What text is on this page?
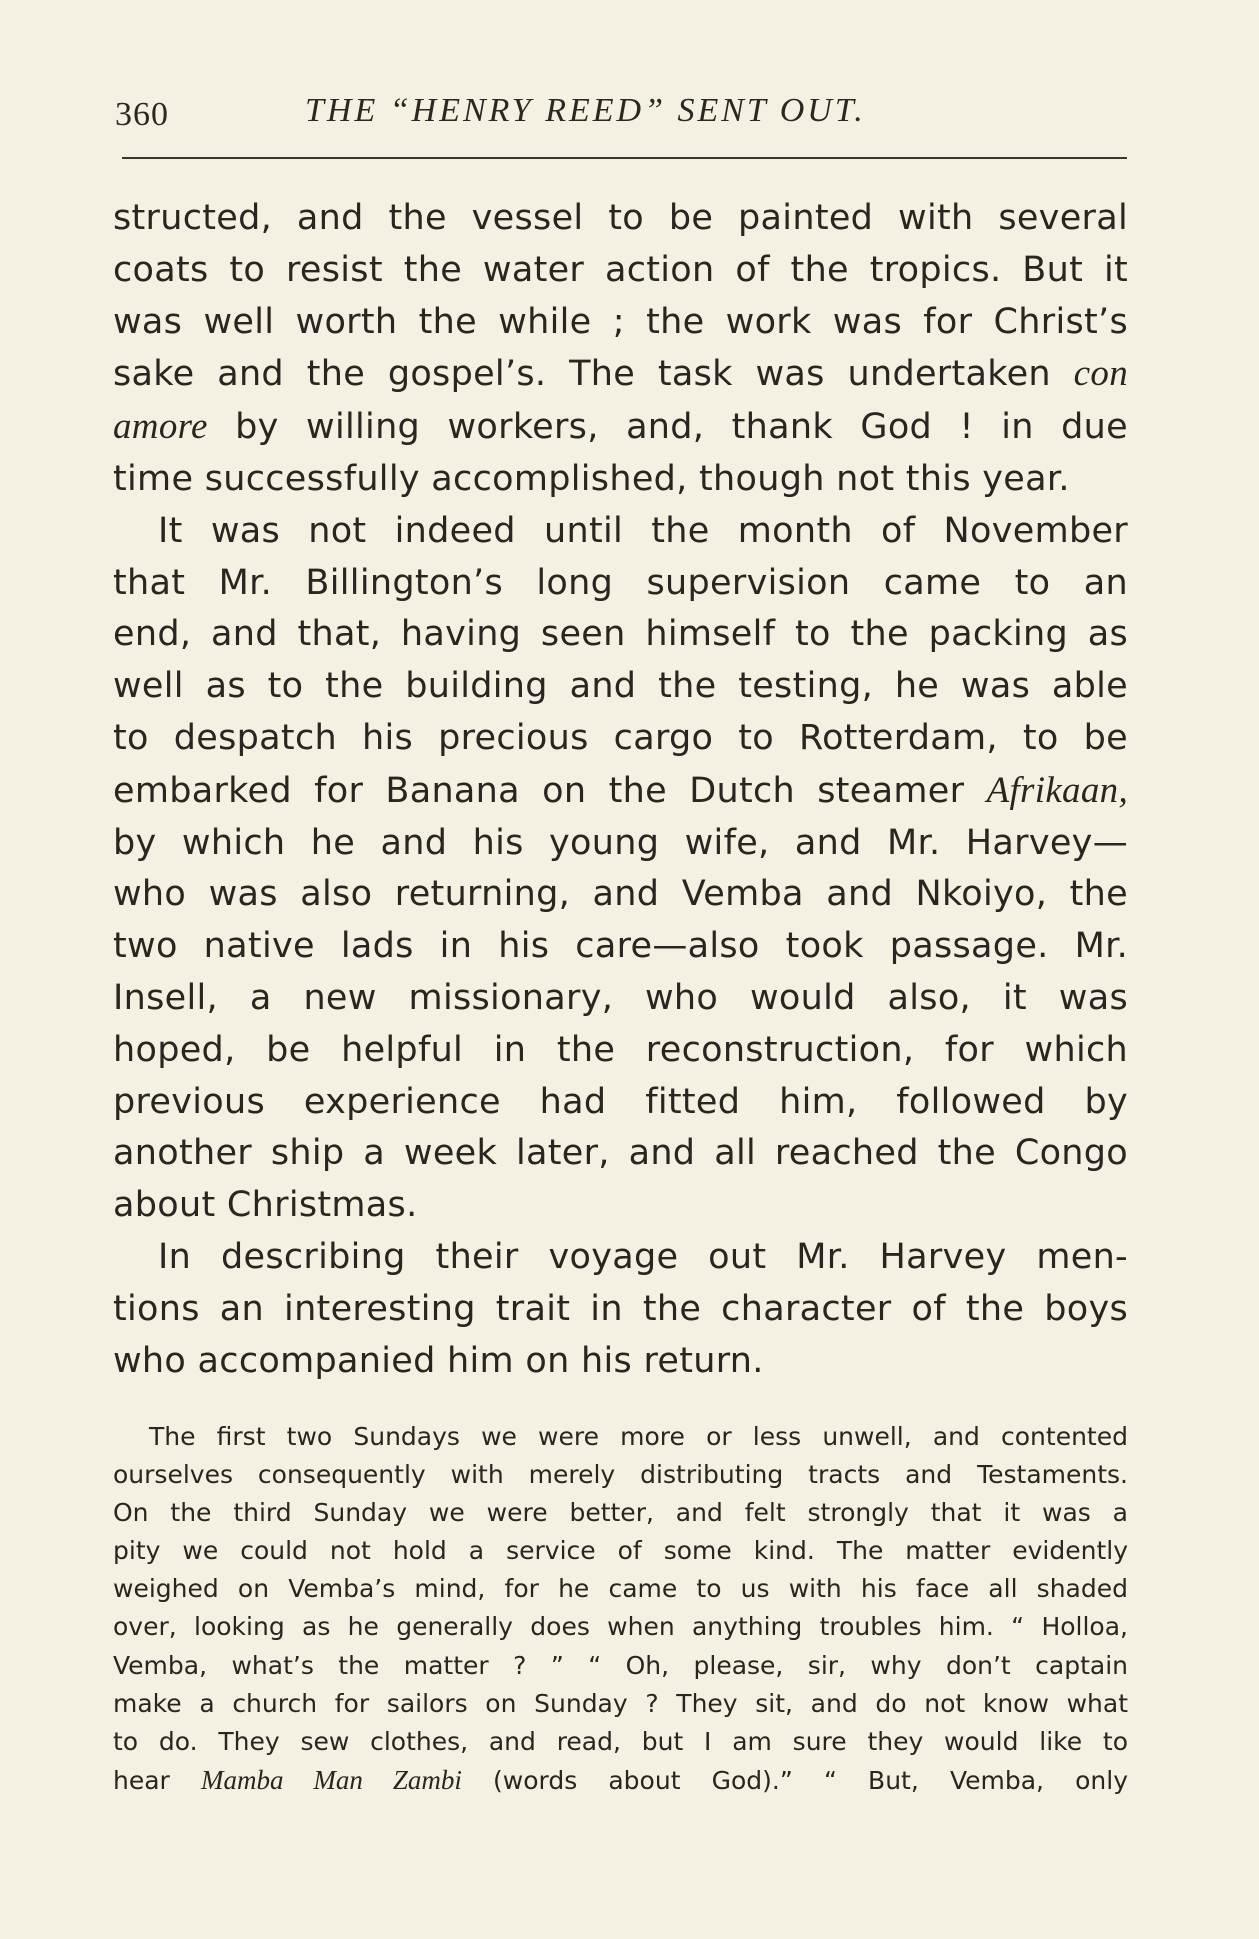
360	THE “HENRY REED” SENT OUT.
structed, and the vessel to be painted with several
coats to resist the water action of the tropics. But it
was well worth the while ; the work was for Christ’s
sake and the gospel’s. The task was undertaken con
amore by willing workers, and, thank God ! in due
time successfully accomplished, though not this year.
It was not indeed until the month of November
that Mr. Billington’s long supervision came to an
end, and that, having seen himself to the packing as
well as to the building and the testing, he was able
to despatch his precious cargo to Rotterdam, to be
embarked for Banana on the Dutch steamer Afrikaan,
by which he and his young wife, and Mr. Harvey—
who was also returning, and Vemba and Nkoiyo, the
two native lads in his care—also took passage. Mr.
Insell, a new missionary, who would also, it was
hoped, be helpful in the reconstruction, for which
previous experience had fitted him, followed by
another ship a week later, and all reached the Congo
about Christmas.
In describing their voyage out Mr. Harvey men-
tions an interesting trait in the character of the boys
who accompanied him on his return.
The first two Sundays we were more or less unwell, and contented
ourselves consequently with merely distributing tracts and Testaments.
On the third Sunday we were better, and felt strongly that it was a
pity we could not hold a service of some kind. The matter evidently
weighed on Vemba’s mind, for he came to us with his face all shaded
over, looking as he generally does when anything troubles him. “ Holloa,
Vemba, what’s the matter ? ” “ Oh, please, sir, why don’t captain
make a church for sailors on Sunday ? They sit, and do not know what
to do. They sew clothes, and read, but I am sure they would like to
hear Mamba Man Zambi (words about God).” “ But, Vemba, only
